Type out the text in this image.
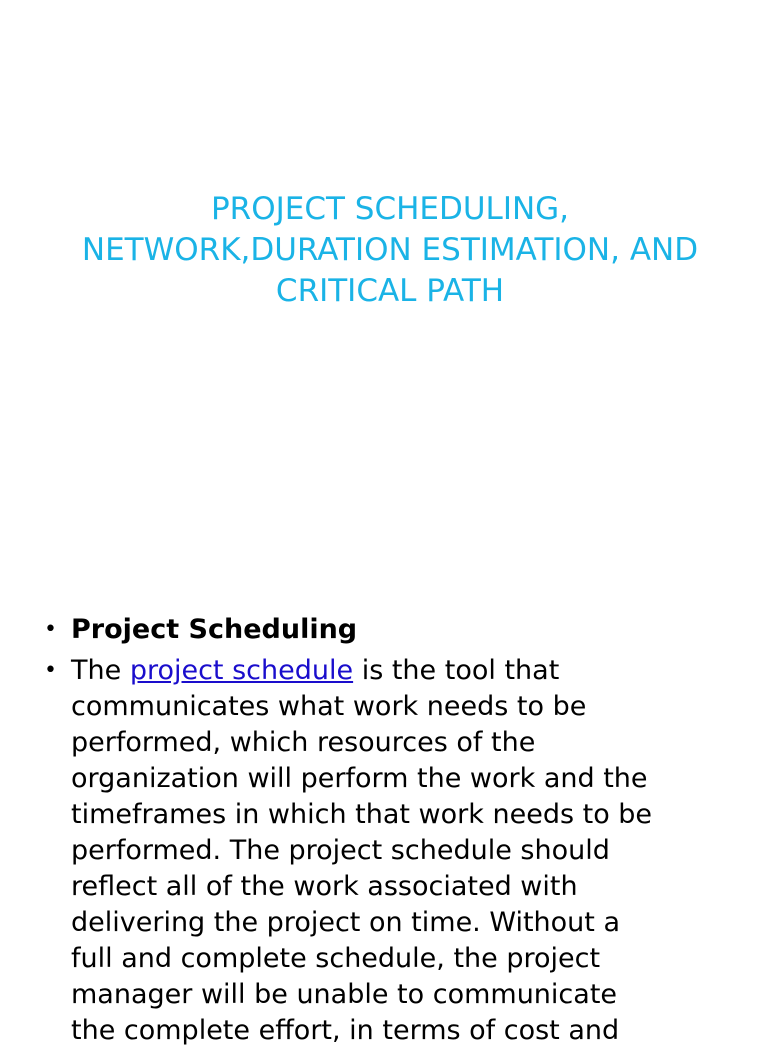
PROJECT SCHEDULING,
NETWORK,DURATION ESTIMATION, AND
CRITICAL PATH
• Project Scheduling
• The project schedule is the tool that
communicates what work needs to be
performed, which resources of the
organization will perform the work and the
timeframes in which that work needs to be
performed. The project schedule should
reflect all of the work associated with
delivering the project on time. Without a
full and complete schedule, the project
manager will be unable to communicate
the complete effort, in terms of cost and
